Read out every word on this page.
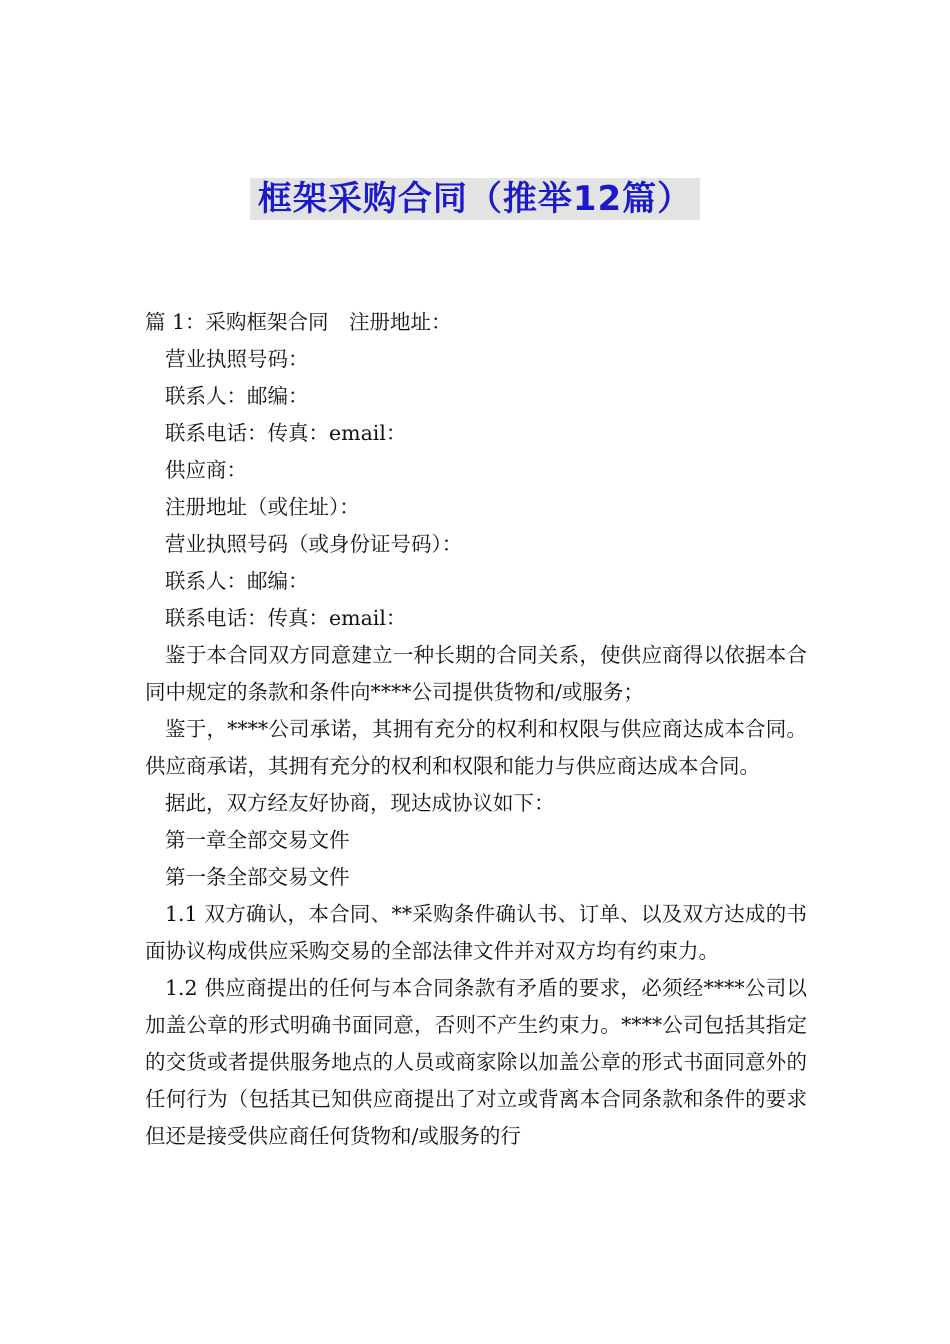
框架采购合同（推举12篇）

篇 1：采购框架合同　注册地址：

营业执照号码：

联系人：邮编：

联系电话：传真：email：

供应商：

注册地址（或住址）：

营业执照号码（或身份证号码）：

联系人：邮编：

联系电话：传真：email：

鉴于本合同双方同意建立一种长期的合同关系，使供应商得以依据本合同中规定的条款和条件向****公司提供货物和/或服务；

鉴于，****公司承诺，其拥有充分的权利和权限与供应商达成本合同。供应商承诺，其拥有充分的权利和权限和能力与供应商达成本合同。

据此，双方经友好协商，现达成协议如下：

第一章全部交易文件

第一条全部交易文件

1.1 双方确认，本合同、**采购条件确认书、订单、以及双方达成的书面协议构成供应采购交易的全部法律文件并对双方均有约束力。

1.2 供应商提出的任何与本合同条款有矛盾的要求，必须经****公司以加盖公章的形式明确书面同意，否则不产生约束力。****公司包括其指定的交货或者提供服务地点的人员或商家除以加盖公章的形式书面同意外的任何行为（包括其已知供应商提出了对立或背离本合同条款和条件的要求但还是接受供应商任何货物和/或服务的行
